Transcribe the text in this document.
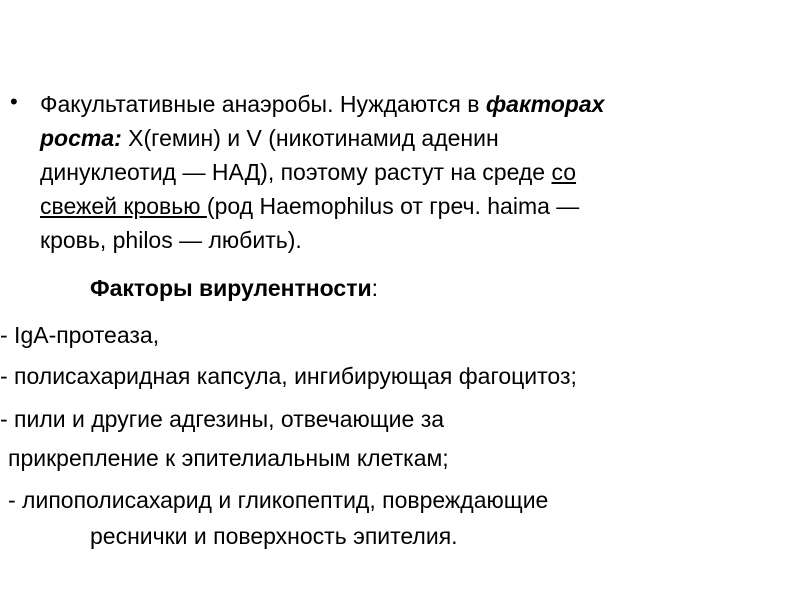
• Факультативные анаэробы. Нуждаются в факторах
роста: X(гемин) и V (никотинамид аденин
динуклеотид — НАД), поэтому растут на среде со
свежей кровью (род Haemophilus от греч. haima —
кровь, philos — любить).
Факторы вирулентности:
- IgA-протеаза,
- полисахаридная капсула, ингибирующая фагоцитоз;
- пили и другие адгезины, отвечающие за
прикрепление к эпителиальным клеткам;
- липополисахарид и гликопептид, повреждающие
реснички и поверхность эпителия.
